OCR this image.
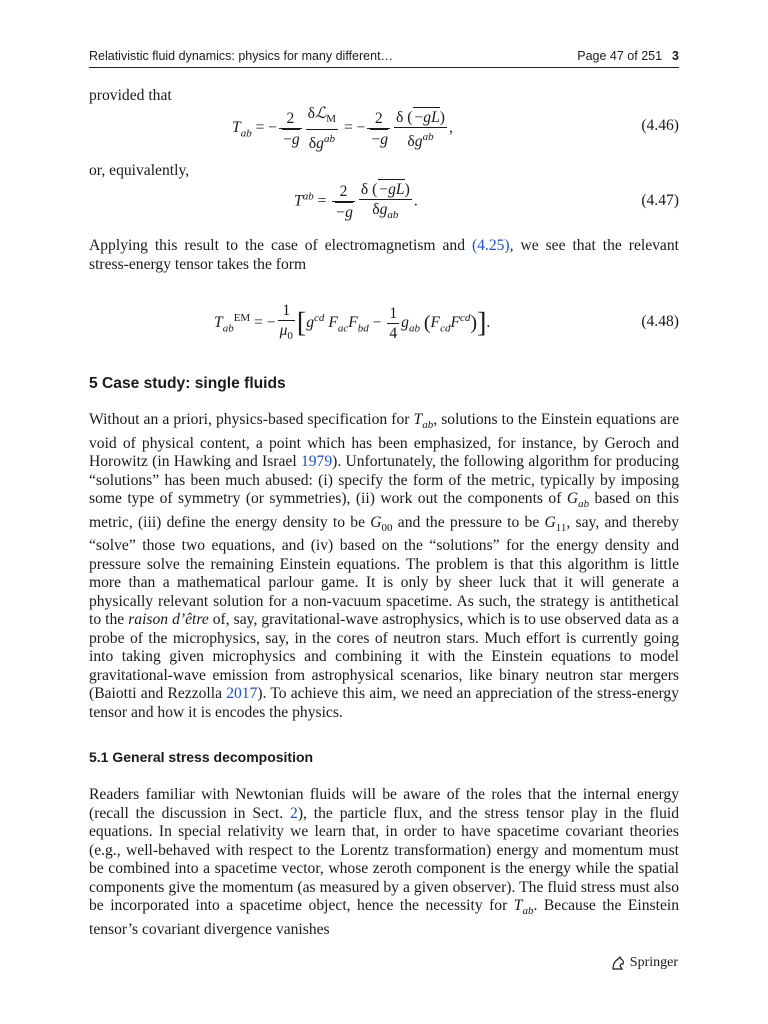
Relativistic fluid dynamics: physics for many different…	Page 47 of 251 3
provided that
$T_{ab}$ = − $\frac{2}{-g} \frac{\delta ℒ_M}{\delta g^{ab}}$ = − $\frac{2}{-g} \frac{\delta ( -gL)}{\delta g^{ab}}$ ,	(4.46)
or, equivalently,
$T^{ab} = \frac{2}{-g} \frac{\delta ( -gL)}{\delta g_{ab}}$ .	(4.47)
Applying this result to the case of electromagnetism and (4.25), we see that the relevant stress-energy tensor takes the form
$T_{ab}^{EM}$ = − $\frac{1}{\mu_0} [g^{cd}$ $F_{ac}F_{bd} - \frac{1}{4} g_{ab}$ $(F_{cd}F^{cd})$].	(4.48)
5 Case study: single fluids
Without an a priori, physics-based specification for $T_{ab}$, solutions to the Einstein equations are void of physical content, a point which has been emphasized, for instance, by Geroch and Horowitz (in Hawking and Israel 1979). Unfortunately, the following algorithm for producing “solutions” has been much abused: (i) specify the form of the metric, typically by imposing some type of symmetry (or symmetries), (ii) work out the components of $G_{ab}$ based on this metric, (iii) define the energy density to be $G_{00}$ and the pressure to be $G_{11}$, say, and thereby “solve” those two equations, and (iv) based on the “solutions” for the energy density and pressure solve the remaining Einstein equations. The problem is that this algorithm is little more than a mathematical parlour game. It is only by sheer luck that it will generate a physically relevant solution for a non-vacuum spacetime. As such, the strategy is antithetical to the raison d’être of, say, gravitational-wave astrophysics, which is to use observed data as a probe of the microphysics, say, in the cores of neutron stars. Much effort is currently going into taking given microphysics and combining it with the Einstein equations to model gravitational-wave emission from astrophysical scenarios, like binary neutron star mergers (Baiotti and Rezzolla 2017). To achieve this aim, we need an appreciation of the stress-energy tensor and how it is encodes the physics.
5.1 General stress decomposition
Readers familiar with Newtonian fluids will be aware of the roles that the internal energy (recall the discussion in Sect. 2), the particle flux, and the stress tensor play in the fluid equations. In special relativity we learn that, in order to have spacetime covariant theories (e.g., well-behaved with respect to the Lorentz transformation) energy and momentum must be combined into a spacetime vector, whose zeroth component is the energy while the spatial components give the momentum (as measured by a given observer). The fluid stress must also be incorporated into a spacetime object, hence the necessity for $T_{ab}$. Because the Einstein tensor’s covariant divergence vanishes
Springer
